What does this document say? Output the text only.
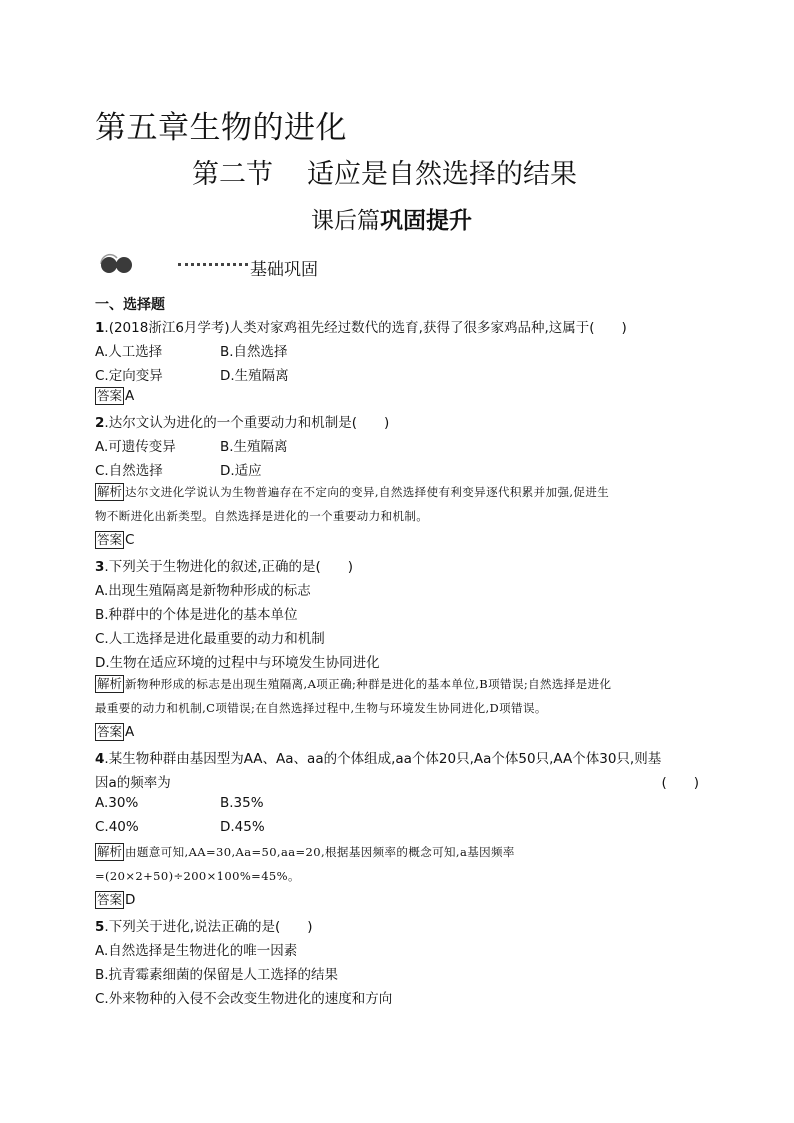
第五章生物的进化
第二节 适应是自然选择的结果
课后篇巩固提升
基础巩固
一、选择题
1.(2018浙江6月学考)人类对家鸡祖先经过数代的选育,获得了很多家鸡品种,这属于(　　)
A.人工选择	B.自然选择
C.定向变异	D.生殖隔离
答案 A
2.达尔文认为进化的一个重要动力和机制是(　　)
A.可遗传变异	B.生殖隔离
C.自然选择	D.适应
解析 达尔文进化学说认为生物普遍存在不定向的变异,自然选择使有利变异逐代积累并加强,促进生
物不断进化出新类型。自然选择是进化的一个重要动力和机制。
答案 C
3.下列关于生物进化的叙述,正确的是(　　)
A.出现生殖隔离是新物种形成的标志
B.种群中的个体是进化的基本单位
C.人工选择是进化最重要的动力和机制
D.生物在适应环境的过程中与环境发生协同进化
解析 新物种形成的标志是出现生殖隔离,A项正确;种群是进化的基本单位,B项错误;自然选择是进化
最重要的动力和机制,C项错误;在自然选择过程中,生物与环境发生协同进化,D项错误。
答案 A
4.某生物种群由基因型为AA、Aa、aa的个体组成,aa个体20只,Aa个体50只,AA个体30只,则基
因a的频率为	(　　)
A.30%	B.35%
C.40%	D.45%
解析 由题意可知,AA=30,Aa=50,aa=20,根据基因频率的概念可知,a基因频率
=(20×2+50)÷200×100%=45%。
答案 D
5.下列关于进化,说法正确的是(　　)
A.自然选择是生物进化的唯一因素
B.抗青霉素细菌的保留是人工选择的结果
C.外来物种的入侵不会改变生物进化的速度和方向
